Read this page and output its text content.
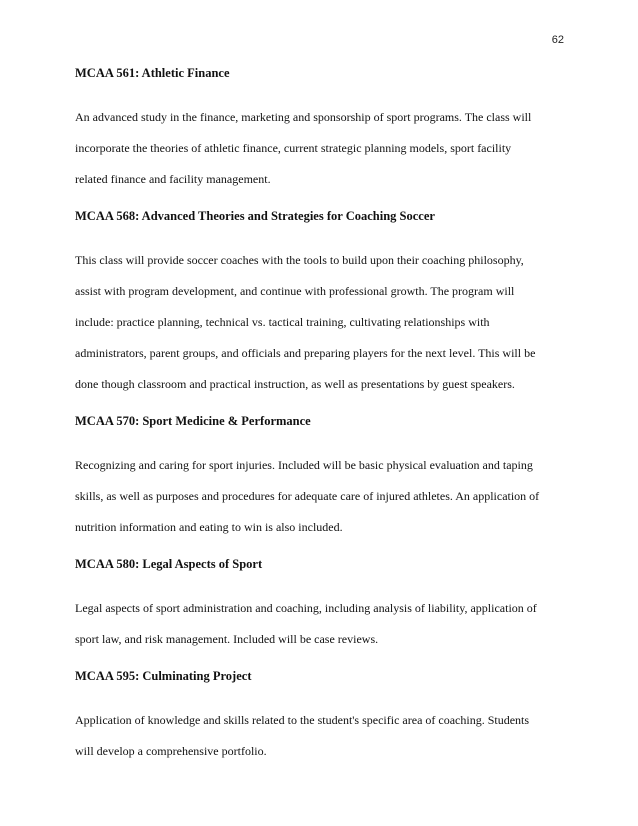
62

MCAA 561: Athletic Finance

An advanced study in the finance, marketing and sponsorship of sport programs. The class will
incorporate the theories of athletic finance, current strategic planning models, sport facility
related finance and facility management.

MCAA 568: Advanced Theories and Strategies for Coaching Soccer

This class will provide soccer coaches with the tools to build upon their coaching philosophy,
assist with program development, and continue with professional growth. The program will
include: practice planning, technical vs. tactical training, cultivating relationships with
administrators, parent groups, and officials and preparing players for the next level. This will be
done though classroom and practical instruction, as well as presentations by guest speakers.

MCAA 570: Sport Medicine & Performance

Recognizing and caring for sport injuries. Included will be basic physical evaluation and taping
skills, as well as purposes and procedures for adequate care of injured athletes. An application of
nutrition information and eating to win is also included.

MCAA 580: Legal Aspects of Sport

Legal aspects of sport administration and coaching, including analysis of liability, application of
sport law, and risk management. Included will be case reviews.

MCAA 595: Culminating Project

Application of knowledge and skills related to the student's specific area of coaching. Students
will develop a comprehensive portfolio.
